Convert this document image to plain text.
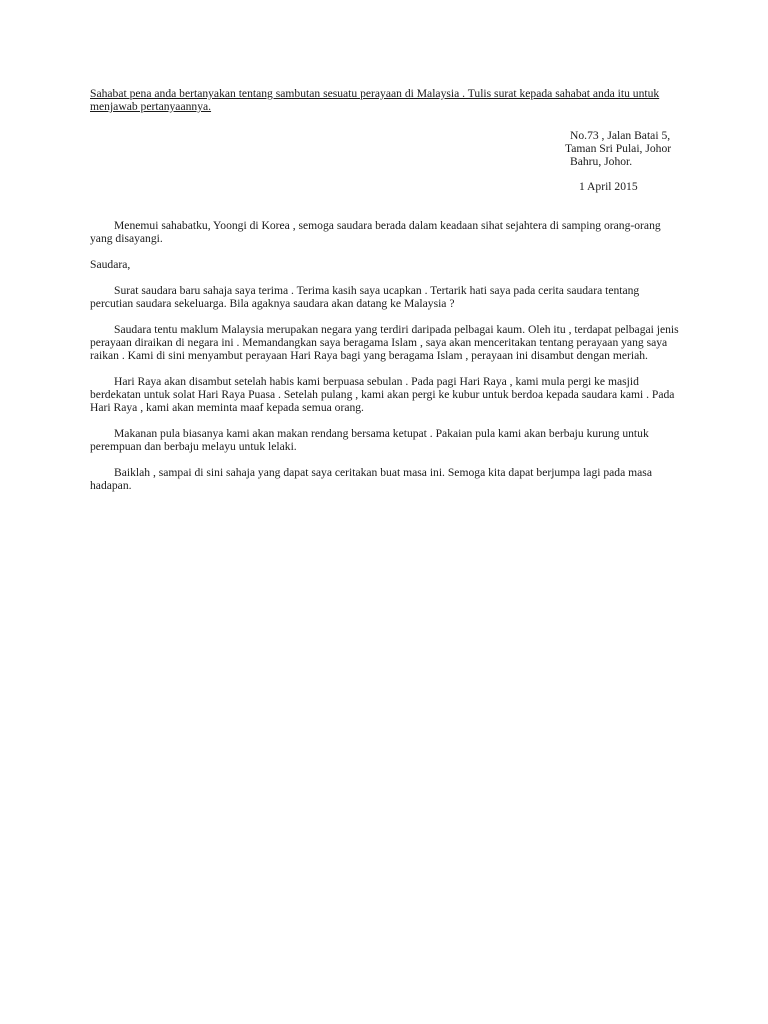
Sahabat pena anda bertanyakan tentang sambutan sesuatu perayaan di Malaysia . Tulis surat kepada sahabat anda itu untuk menjawab pertanyaannya.

No.73 , Jalan Batai 5,
Taman Sri Pulai, Johor
Bahru, Johor.
1 April 2015

Menemui sahabatku, Yoongi di Korea , semoga saudara berada dalam keadaan sihat sejahtera di samping orang-orang yang disayangi.

Saudara,

Surat saudara baru sahaja saya terima . Terima kasih saya ucapkan . Tertarik hati saya pada cerita saudara tentang percutian saudara sekeluarga. Bila agaknya saudara akan datang ke Malaysia ?

Saudara tentu maklum Malaysia merupakan negara yang terdiri daripada pelbagai kaum. Oleh itu , terdapat pelbagai jenis perayaan diraikan di negara ini . Memandangkan saya beragama Islam , saya akan menceritakan tentang perayaan yang saya raikan . Kami di sini menyambut perayaan Hari Raya bagi yang beragama Islam , perayaan ini disambut dengan meriah.

Hari Raya akan disambut setelah habis kami berpuasa sebulan . Pada pagi Hari Raya , kami mula pergi ke masjid berdekatan untuk solat Hari Raya Puasa . Setelah pulang , kami akan pergi ke kubur untuk berdoa kepada saudara kami . Pada Hari Raya , kami akan meminta maaf kepada semua orang.

Makanan pula biasanya kami akan makan rendang bersama ketupat . Pakaian pula kami akan berbaju kurung untuk perempuan dan berbaju melayu untuk lelaki.

Baiklah , sampai di sini sahaja yang dapat saya ceritakan buat masa ini. Semoga kita dapat berjumpa lagi pada masa hadapan.
